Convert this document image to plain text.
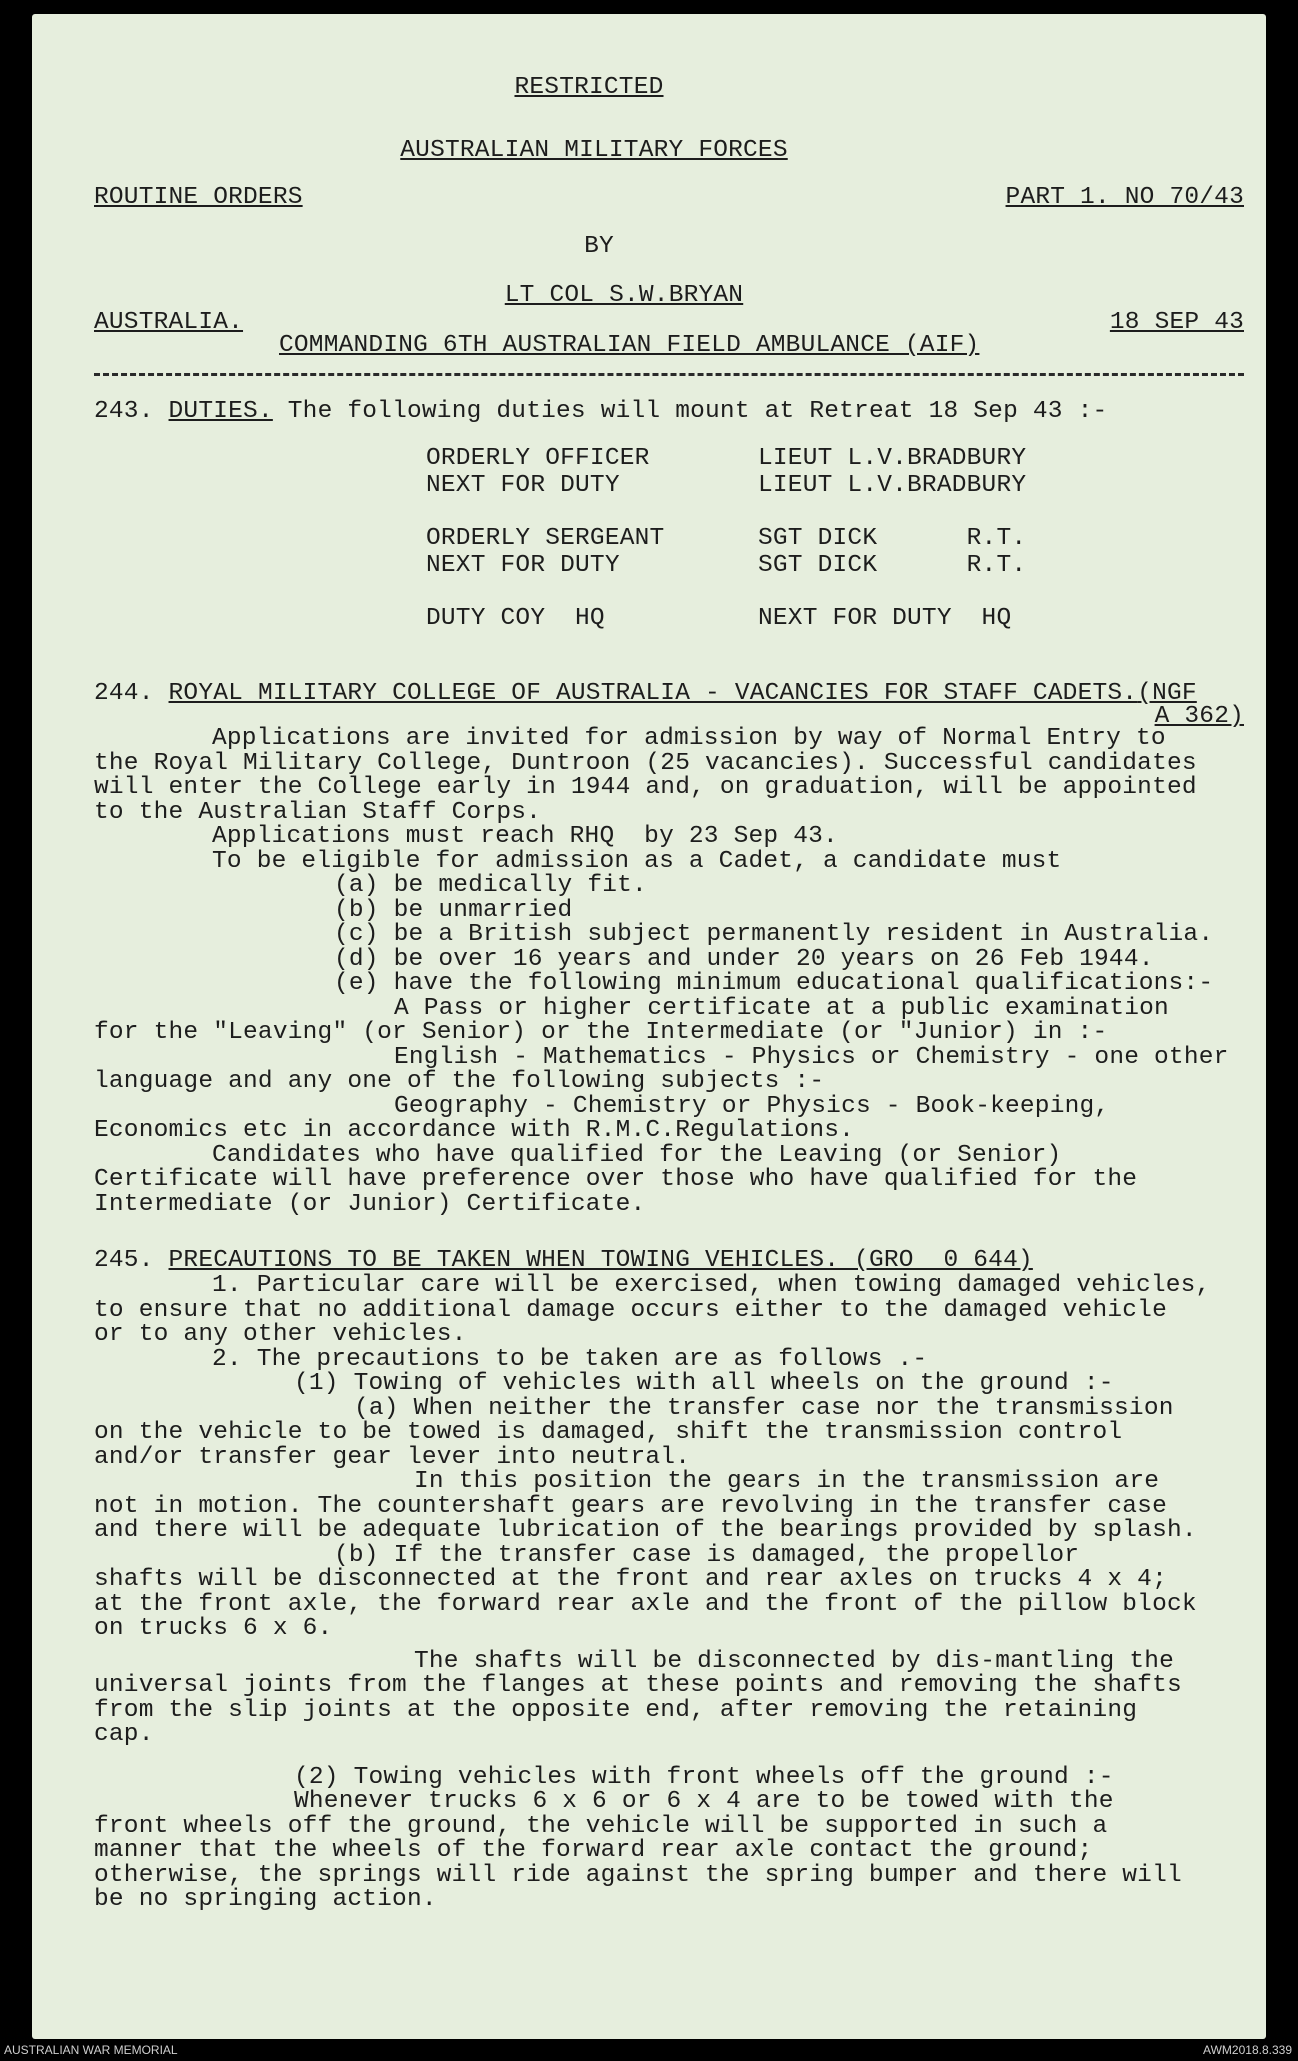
RESTRICTED
AUSTRALIAN MILITARY FORCES
ROUTINE ORDERS	PART 1. NO 70/43
BY
LT COL S.W.BRYAN
AUSTRALIA.	18 SEP 43
COMMANDING 6TH AUSTRALIAN FIELD AMBULANCE (AIF)
243. DUTIES. The following duties will mount at Retreat 18 Sep 43 :-
ORDERLY OFFICER	LIEUT L.V.BRADBURY
NEXT FOR DUTY	LIEUT L.V.BRADBURY
ORDERLY SERGEANT	SGT DICK      R.T.
NEXT FOR DUTY	SGT DICK      R.T.
DUTY COY  HQ	NEXT FOR DUTY  HQ
244. ROYAL MILITARY COLLEGE OF AUSTRALIA - VACANCIES FOR STAFF CADETS.(NGF
A 362)
Applications are invited for admission by way of Normal Entry to
the Royal Military College, Duntroon (25 vacancies). Successful candidates
will enter the College early in 1944 and, on graduation, will be appointed
to the Australian Staff Corps.
Applications must reach RHQ  by 23 Sep 43.
To be eligible for admission as a Cadet, a candidate must
(a) be medically fit.
(b) be unmarried
(c) be a British subject permanently resident in Australia.
(d) be over 16 years and under 20 years on 26 Feb 1944.
(e) have the following minimum educational qualifications:-
A Pass or higher certificate at a public examination
for the "Leaving" (or Senior) or the Intermediate (or "Junior) in :-
English - Mathematics - Physics or Chemistry - one other
language and any one of the following subjects :-
Geography - Chemistry or Physics - Book-keeping,
Economics etc in accordance with R.M.C.Regulations.
Candidates who have qualified for the Leaving (or Senior)
Certificate will have preference over those who have qualified for the
Intermediate (or Junior) Certificate.
245. PRECAUTIONS TO BE TAKEN WHEN TOWING VEHICLES. (GRO  0 644)
1. Particular care will be exercised, when towing damaged vehicles,
to ensure that no additional damage occurs either to the damaged vehicle
or to any other vehicles.
2. The precautions to be taken are as follows .-
(1) Towing of vehicles with all wheels on the ground :-
(a) When neither the transfer case nor the transmission
on the vehicle to be towed is damaged, shift the transmission control
and/or transfer gear lever into neutral.
In this position the gears in the transmission are
not in motion. The countershaft gears are revolving in the transfer case
and there will be adequate lubrication of the bearings provided by splash.
(b) If the transfer case is damaged, the propellor
shafts will be disconnected at the front and rear axles on trucks 4 x 4;
at the front axle, the forward rear axle and the front of the pillow block
on trucks 6 x 6.
The shafts will be disconnected by dis-mantling the
universal joints from the flanges at these points and removing the shafts
from the slip joints at the opposite end, after removing the retaining
cap.
(2) Towing vehicles with front wheels off the ground :-
Whenever trucks 6 x 6 or 6 x 4 are to be towed with the
front wheels off the ground, the vehicle will be supported in such a
manner that the wheels of the forward rear axle contact the ground;
otherwise, the springs will ride against the spring bumper and there will
be no springing action.
AUSTRALIAN WAR MEMORIAL	AWM2018.8.339
